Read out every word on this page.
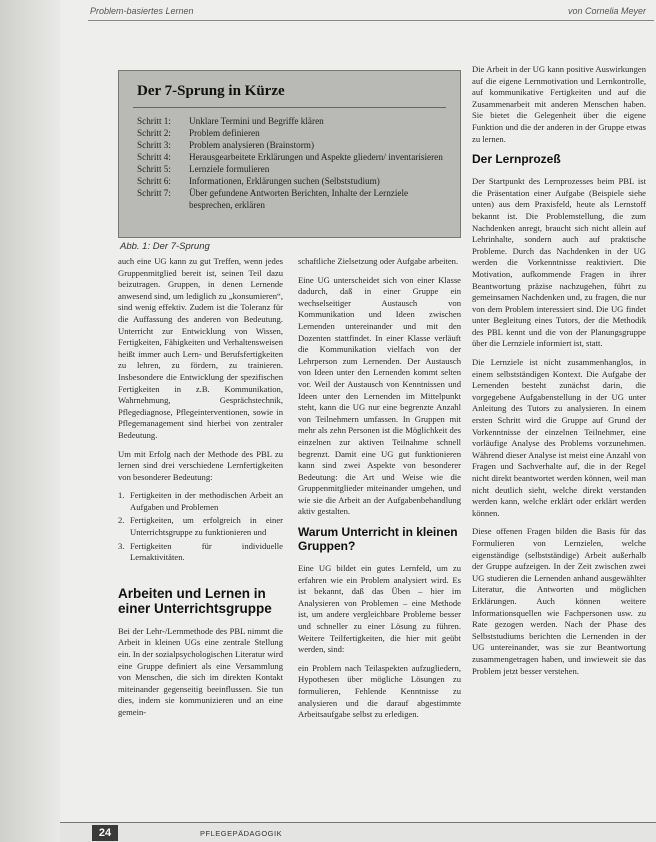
Problem-basiertes Lernen	von Cornelia Meyer
Der 7-Sprung in Kürze
Schritt 1:	Unklare Termini und Begriffe klären
Schritt 2:	Problem definieren
Schritt 3:	Problem analysieren (Brainstorm)
Schritt 4:	Herausgearbeitete Erklärungen und Aspekte gliedern/ inventarisieren
Schritt 5:	Lernziele formulieren
Schritt 6:	Informationen, Erklärungen suchen (Selbststudium)
Schritt 7:	Über gefundene Antworten Berichten, Inhalte der Lernziele besprechen, erklären
Abb. 1: Der 7-Sprung

auch eine UG kann zu gut Treffen, wenn jedes Gruppenmitglied bereit ist, seinen Teil dazu beizutragen. Gruppen, in denen Lernende anwesend sind, um lediglich zu „konsumieren“, sind wenig effektiv. Zudem ist die Toleranz für die Auffassung des anderen von Bedeutung. Unterricht zur Entwicklung von Wissen, Fertigkeiten, Fähigkeiten und Verhaltensweisen heißt immer auch Lern- und Berufsfertigkeiten zu lehren, zu fördern, zu trainieren. Insbesondere die Entwicklung der spezifischen Fertigkeiten in z.B. Kommunikation, Wahrnehmung, Gesprächstechnik, Pflegediagnose, Pflegeinterventionen, sowie in Pflegemanagement sind hierbei von zentraler Bedeutung.

Um mit Erfolg nach der Methode des PBL zu lernen sind drei verschiedene Lernfertigkeiten von besonderer Bedeutung:

1. Fertigkeiten in der methodischen Arbeit an Aufgaben und Problemen
2. Fertigkeiten, um erfolgreich in einer Unterrichtsgruppe zu funktionieren und
3. Fertigkeiten für individuelle Lernaktivitäten.
Arbeiten und Lernen in einer Unterrichtsgruppe

Bei der Lehr-/Lernmethode des PBL nimmt die Arbeit in kleinen UGs eine zentrale Stellung ein. In der sozialpsychologischen Literatur wird eine Gruppe definiert als eine Versammlung von Menschen, die sich im direkten Kontakt miteinander gegenseitig beeinflussen. Sie tun dies, indem sie kommunizieren und an eine gemein-

schaftliche Zielsetzung oder Aufgabe arbeiten.

Eine UG unterscheidet sich von einer Klasse dadurch, daß in einer Gruppe ein wechselseitiger Austausch von Kommunikation und Ideen zwischen Lernenden untereinander und mit den Dozenten stattfindet. In einer Klasse verläuft die Kommunikation vielfach von der Lehrperson zum Lernenden. Der Austausch von Ideen unter den Lernenden kommt selten vor. Weil der Austausch von Kenntnissen und Ideen unter den Lernenden im Mittelpunkt steht, kann die UG nur eine begrenzte Anzahl von Teilnehmern umfassen. In Gruppen mit mehr als zehn Personen ist die Möglichkeit des einzelnen zur aktiven Teilnahme schnell begrenzt. Damit eine UG gut funktionieren kann sind zwei Aspekte von besonderer Bedeutung: die Art und Weise wie die Gruppenmitglieder miteinander umgehen, und wie sie die Arbeit an der Aufgabenbehandlung aktiv gestalten.

Warum Unterricht in kleinen Gruppen?

Eine UG bildet ein gutes Lernfeld, um zu erfahren wie ein Problem analysiert wird. Es ist bekannt, daß das Üben – hier im Analysieren von Problemen – eine Methode ist, um andere vergleichbare Probleme besser und schneller zu einer Lösung zu führen. Weitere Teilfertigkeiten, die hier mit geübt werden, sind:

ein Problem nach Teilaspekten aufzugliedern, Hypothesen über mögliche Lösungen zu formulieren, Fehlende Kenntnisse zu analysieren und die darauf abgestimmte Arbeitsaufgabe selbst zu erledigen.

Die Arbeit in der UG kann positive Auswirkungen auf die eigene Lernmotivation und Lernkontrolle, auf kommunikative Fertigkeiten und auf die Zusammenarbeit mit anderen Menschen haben. Sie bietet die Gelegenheit über die eigene Funktion und die der anderen in der Gruppe etwas zu lernen.

Der Lernprozeß

Der Startpunkt des Lernprozesses beim PBL ist die Präsentation einer Aufgabe (Beispiele siehe unten) aus dem Praxisfeld, heute als Lernstoff bekannt ist. Die Problemstellung, die zum Nachdenken anregt, braucht sich nicht allein auf Lehrinhalte, sondern auch auf praktische Probleme. Durch das Nachdenken in der UG werden die Vorkenntnisse reaktiviert. Die Motivation, aufkommende Fragen in ihrer Beantwortung präzise nachzugehen, führt zu gemeinsamen Nachdenken und, zu fragen, die nur von dem Problem interessiert sind. Die UG findet unter Begleitung eines Tutors, der die Methodik des PBL kennt und die von der Planungsgruppe über die Lernziele informiert ist, statt.

Die Lernziele ist nicht zusammenhanglos, in einem selbstständigen Kontext. Die Aufgabe der Lernenden besteht zunächst darin, die vorgegebene Aufgabenstellung in der UG unter Anleitung des Tutors zu analysieren. In einem ersten Schritt wird die Gruppe auf Grund der Vorkenntnisse der einzelnen Teilnehmer, eine vorläufige Analyse des Problems vorzunehmen. Während dieser Analyse ist meist eine Anzahl von Fragen und Sachverhalte auf, die in der Regel nicht direkt beantwortet werden können, weil man nicht deutlich sieht, welche direkt verstanden werden kann, welche erklärt oder erklärt werden können.

Diese offenen Fragen bilden die Basis für das Formulieren von Lernzielen, welche eigenständige (selbstständige) Arbeit außerhalb der Gruppe aufzeigen. In der Zeit zwischen zwei UG studieren die Lernenden anhand ausgewählter Literatur, die Antworten und möglichen Erklärungen. Auch können weitere Informationsquellen wie Fachpersonen usw. zu Rate gezogen werden. Nach der Phase des Selbststudiums berichten die Lernenden in der UG untereinander, was sie zur Beantwortung zusammengetragen haben, und inwieweit sie das Problem jetzt besser verstehen.

24	PFLEGEPÄDAGOGIK
